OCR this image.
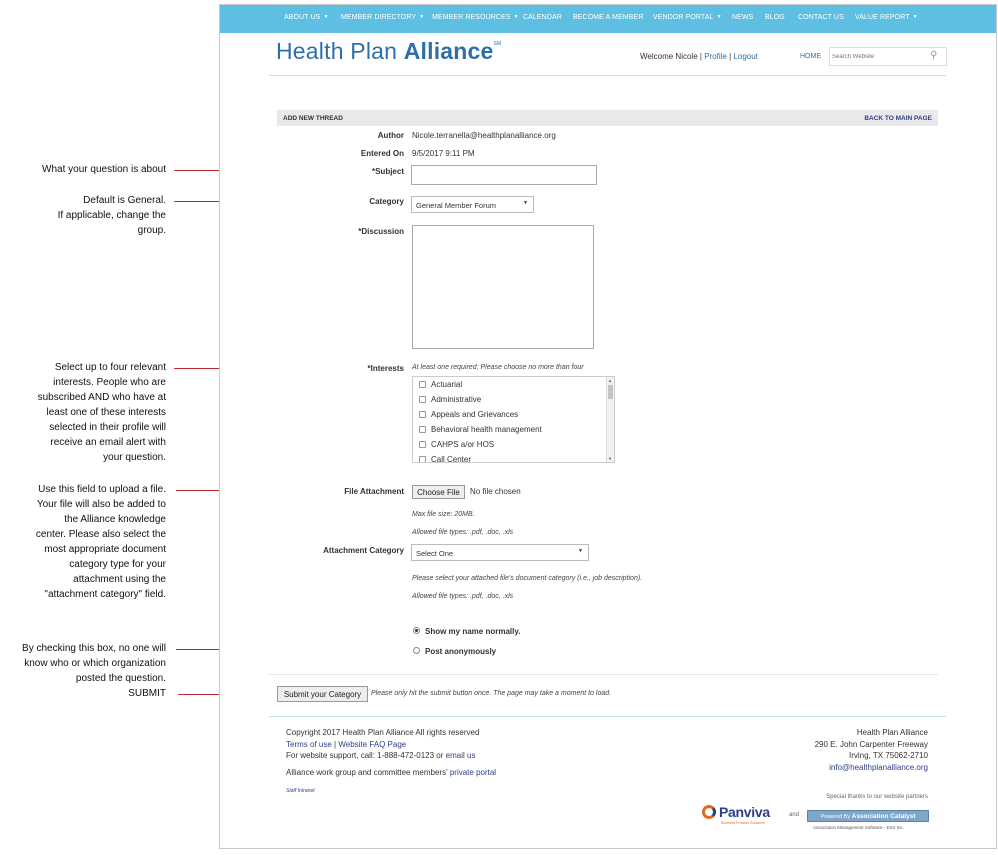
What your question is about
Default is General.
If applicable, change the
group.
Select up to four relevant
interests. People who are
subscribed AND who have at
least one of these interests
selected in their profile will
receive an email alert with
your question.
Use this field to upload a file.
Your file will also be added to
the Alliance knowledge
center. Please also select the
most appropriate document
category type for your
attachment using the
"attachment category" field.
By checking this box, no one will
know who or which organization
posted the question.
SUBMIT
ABOUT US ▼ MEMBER DIRECTORY ▼ MEMBER RESOURCES ▼ CALENDAR BECOME A MEMBER VENDOR PORTAL ▼ NEWS BLOG CONTACT US VALUE REPORT ▼
Health Plan Alliance℠
Welcome Nicole | Profile | Logout	HOME
Search Website	⚲
ADD NEW THREAD	BACK TO MAIN PAGE
Author Nicole.terranella@healthplanalliance.org
Entered On 9/5/2017 9:11 PM
*Subject
Category	General Member Forum	▼
*Discussion
*Interests At least one required; Please choose no more than four
Actuarial
Administrative
Appeals and Grievances
Behavioral health management
CAHPS a/or HOS
Call Center
▲
▼
File Attachment	Choose File	No file chosen
Max file size: 20MB.
Allowed file types: .pdf, .doc, .xls
Attachment Category	Select One	▼
Please select your attached file's document category (i.e., job description).
Allowed file types: .pdf, .doc, .xls
Show my name normally.
Post anonymously
Submit your Category	Please only hit the submit button once. The page may take a moment to load.
Copyright 2017 Health Plan Alliance All rights reserved
Terms of use | Website FAQ Page
For website support, call: 1-888-472-0123 or email us
Alliance work group and committee members' private portal
Staff Intranet
Health Plan Alliance
290 E. John Carpenter Freeway
Irving, TX 75062-2710
info@healthplanalliance.org
Special thanks to our website partners
Panviva
Business Process Guidance
and	Powered By Association Catalyst
Association Management Software - ESX Inc.
